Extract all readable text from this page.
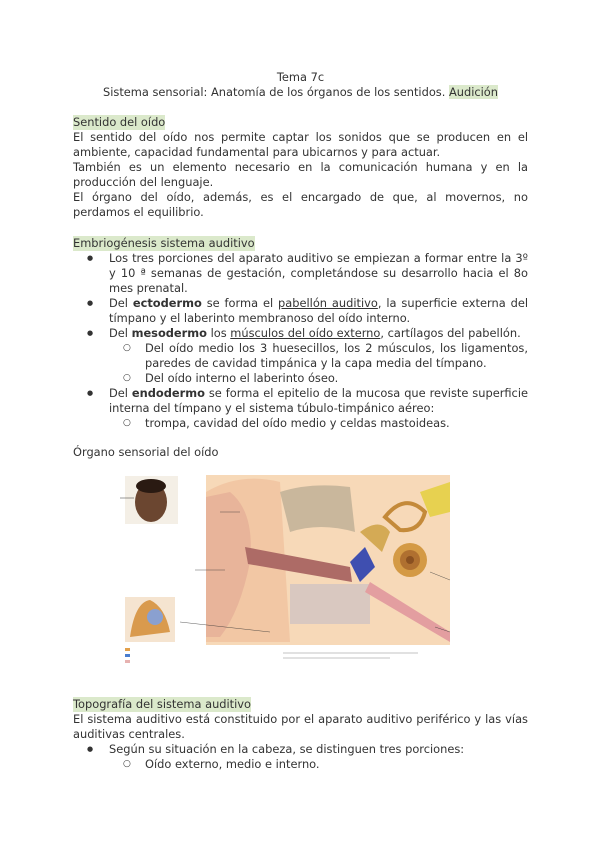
Tema 7c
Sistema sensorial: Anatomía de los órganos de los sentidos. Audición
Sentido del oído

El sentido del oído nos permite captar los sonidos que se producen en el ambiente, capacidad fundamental para ubicarnos y para actuar.

También es un elemento necesario en la comunicación humana y en la producción del lenguaje.

El órgano del oído, además, es el encargado de que, al movernos, no perdamos el equilibrio.

Embriogénesis sistema auditivo
● Los tres porciones del aparato auditivo se empiezan a formar entre la 3º y 10 ª semanas de gestación, completándose su desarrollo hacia el 8o mes prenatal.
● Del ectodermo se forma el pabellón auditivo, la superficie externa del tímpano y el laberinto membranoso del oído interno.
● Del mesodermo los músculos del oído externo, cartílagos del pabellón.
○ Del oído medio los 3 huesecillos, los 2 músculos, los ligamentos, paredes de cavidad timpánica y la capa media del tímpano.
○ Del oído interno el laberinto óseo.
● Del endodermo se forma el epitelio de la mucosa que reviste superficie interna del tímpano y el sistema túbulo-timpánico aéreo:
○ trompa, cavidad del oído medio y celdas mastoideas.
Órgano sensorial del oído
Topografía del sistema auditivo

El sistema auditivo está constituido por el aparato auditivo periférico y las vías auditivas centrales.

● Según su situación en la cabeza, se distinguen tres porciones:
○ Oído externo, medio e interno.
